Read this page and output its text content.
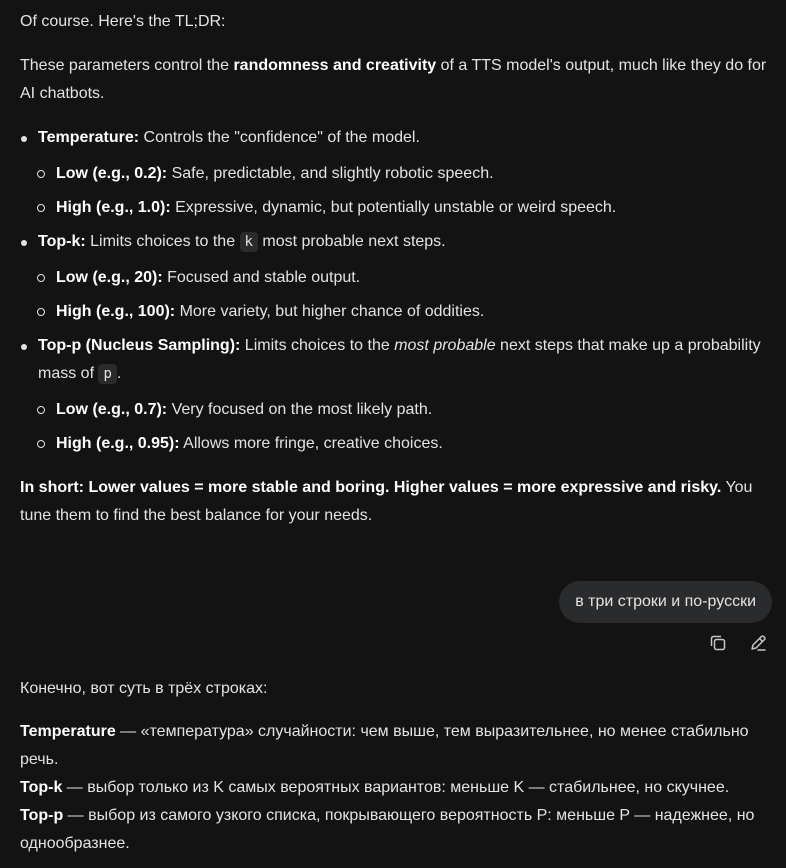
Of course. Here's the TL;DR:

These parameters control the randomness and creativity of a TTS model's output, much like they do for AI chatbots.

Temperature: Controls the "confidence" of the model.
Low (e.g., 0.2): Safe, predictable, and slightly robotic speech.
High (e.g., 1.0): Expressive, dynamic, but potentially unstable or weird speech.
Top-k: Limits choices to the k most probable next steps.
Low (e.g., 20): Focused and stable output.
High (e.g., 100): More variety, but higher chance of oddities.
Top-p (Nucleus Sampling): Limits choices to the most probable next steps that make up a probability mass of p .
Low (e.g., 0.7): Very focused on the most likely path.
High (e.g., 0.95): Allows more fringe, creative choices.

In short: Lower values = more stable and boring. Higher values = more expressive and risky. You tune them to find the best balance for your needs.

Конечно, вот суть в трёх строках:

Temperature — «температура» случайности: чем выше, тем выразительнее, но менее стабильно речь.

Top-k — выбор только из K самых вероятных вариантов: меньше K — стабильнее, но скучнее.

Top-p — выбор из самого узкого списка, покрывающего вероятность P: меньше P — надежнее, но однообразнее.

в три строки и по-русски
